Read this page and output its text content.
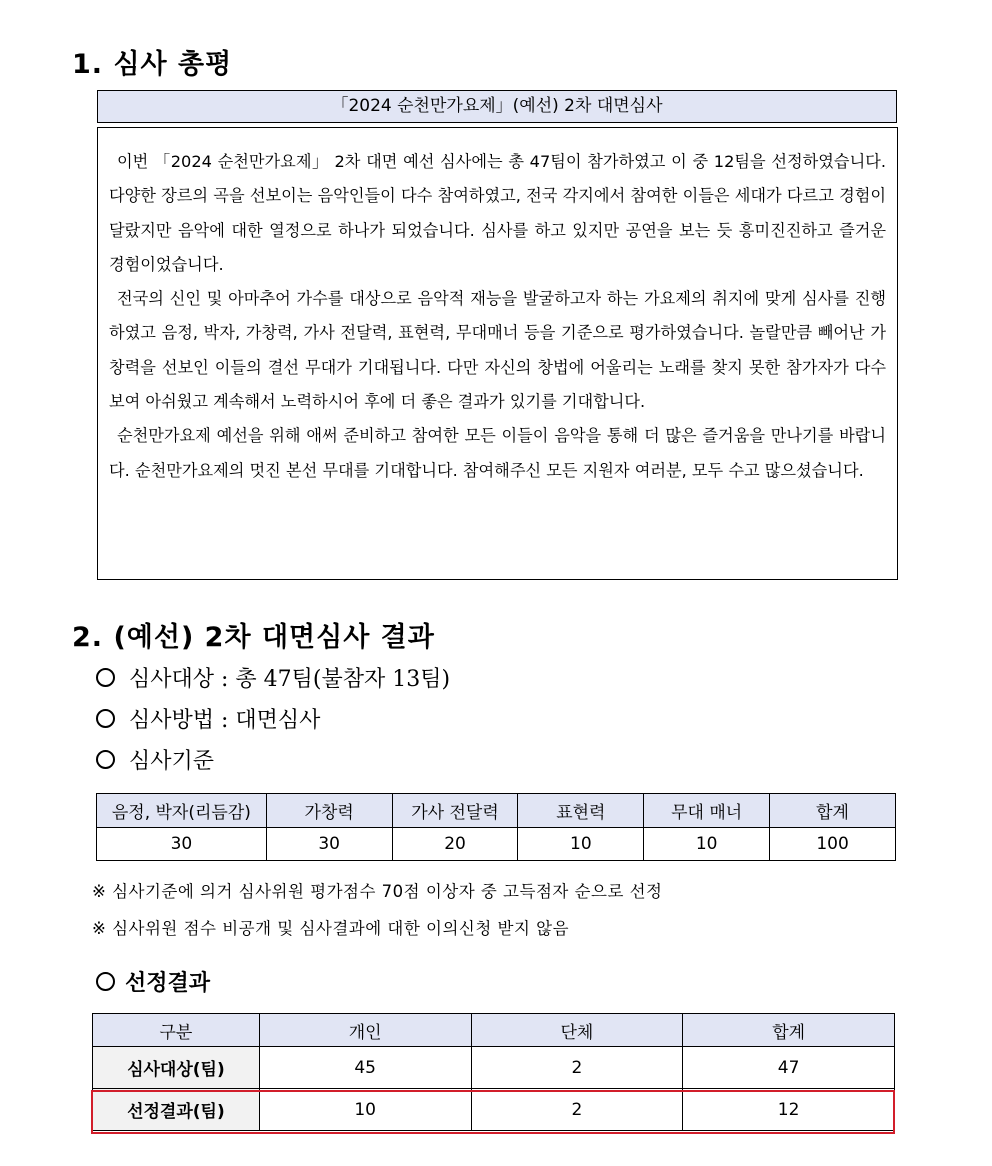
1. 심사 총평
「2024 순천만가요제」(예선) 2차 대면심사

이번 「2024 순천만가요제」 2차 대면 예선 심사에는 총 47팀이 참가하였고 이 중 12팀을 선정하였습니다. 다양한 장르의 곡을 선보이는 음악인들이 다수 참여하였고, 전국 각지에서 참여한 이들은 세대가 다르고 경험이 달랐지만 음악에 대한 열정으로 하나가 되었습니다. 심사를 하고 있지만 공연을 보는 듯 흥미진진하고 즐거운 경험이었습니다.

전국의 신인 및 아마추어 가수를 대상으로 음악적 재능을 발굴하고자 하는 가요제의 취지에 맞게 심사를 진행하였고 음정, 박자, 가창력, 가사 전달력, 표현력, 무대매너 등을 기준으로 평가하였습니다. 놀랄만큼 빼어난 가창력을 선보인 이들의 결선 무대가 기대됩니다. 다만 자신의 창법에 어울리는 노래를 찾지 못한 참가자가 다수 보여 아쉬웠고 계속해서 노력하시어 후에 더 좋은 결과가 있기를 기대합니다.

순천만가요제 예선을 위해 애써 준비하고 참여한 모든 이들이 음악을 통해 더 많은 즐거움을 만나기를 바랍니다. 순천만가요제의 멋진 본선 무대를 기대합니다. 참여해주신 모든 지원자 여러분, 모두 수고 많으셨습니다.

2. (예선) 2차 대면심사 결과
심사대상 : 총 47팀(불참자 13팀)
심사방법 : 대면심사
심사기준
음정, 박자(리듬감)	가창력	가사 전달력	표현력	무대 매너	합계
30	30	20	10	10	100
※ 심사기준에 의거 심사위원 평가점수 70점 이상자 중 고득점자 순으로 선정
※ 심사위원 점수 비공개 및 심사결과에 대한 이의신청 받지 않음
선정결과
구분	개인	단체	합계
심사대상(팀)	45	2	47
선정결과(팀)	10	2	12
